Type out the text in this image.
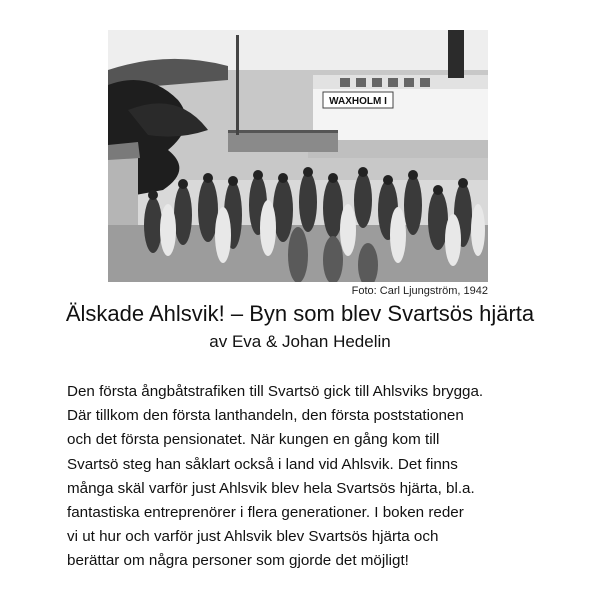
WAXHOLM I
Foto: Carl Ljungström, 1942
Älskade Ahlsvik! – Byn som blev Svartsös hjärta
av Eva & Johan Hedelin
Den första ångbåtstrafiken till Svartsö gick till Ahlsviks brygga.
Där tillkom den första lanthandeln, den första poststationen
och det första pensionatet. När kungen en gång kom till
Svartsö steg han såklart också i land vid Ahlsvik. Det finns
många skäl varför just Ahlsvik blev hela Svartsös hjärta, bl.a.
fantastiska entreprenörer i flera generationer. I boken reder
vi ut hur och varför just Ahlsvik blev Svartsös hjärta och
berättar om några personer som gjorde det möjligt!
